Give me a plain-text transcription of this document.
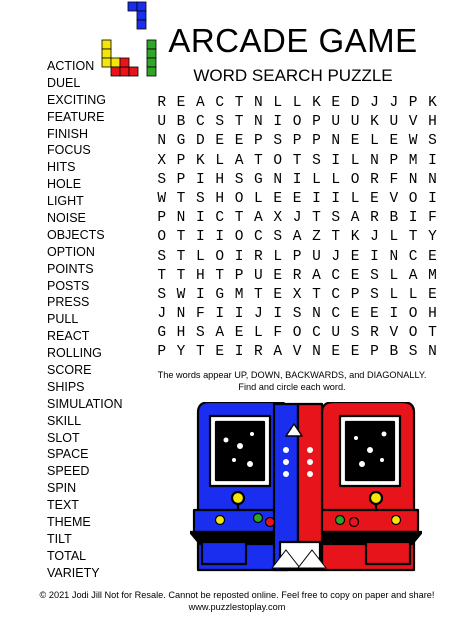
ARCADE GAME
WORD SEARCH PUZZLE
ACTION
DUEL
EXCITING
FEATURE
FINISH
FOCUS
HITS
HOLE
LIGHT
NOISE
OBJECTS
OPTION
POINTS
POSTS
PRESS
PULL
REACT
ROLLING
SCORE
SHIPS
SIMULATION
SKILL
SLOT
SPACE
SPEED
SPIN
TEXT
THEME
TILT
TOTAL
VARIETY
R E A C T N L L K E D J J P K
U B C S T N I O P U U K U V H
N G D E E P S P P N E L E W S
X P K L A T O T S I L N P M I
S P I H S G N I L L O R F N N
W T S H O L E E I I L E V O I
P N I C T A X J T S A R B I F
O T I I O C S A Z T K J L T Y
S T L O I R L P U J E I N C E
T T H T P U E R A C E S L A M
S W I G M T E X T C P S L L E
J N F I I J I S N C E E I O H
G H S A E L F O C U S R V O T
P Y T E I R A V N E E P B S N
The words appear UP, DOWN, BACKWARDS, and DIAGONALLY.
Find and circle each word.
© 2021 Jodi Jill Not for Resale. Cannot be reposted online. Feel free to copy on paper and share!
www.puzzlestoplay.com
